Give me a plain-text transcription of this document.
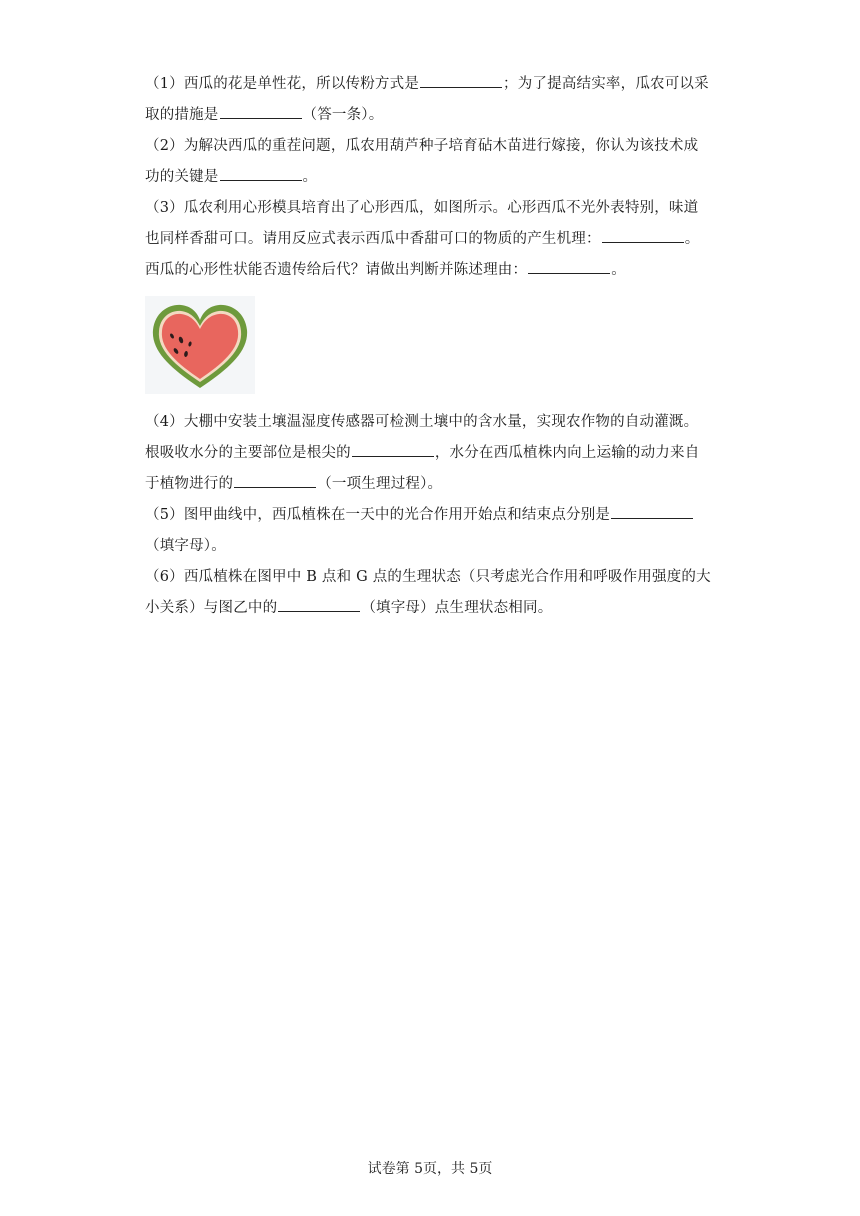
（1）西瓜的花是单性花，所以传粉方式是	；为了提高结实率，瓜农可以采
取的措施是	（答一条）。
（2）为解决西瓜的重茬问题，瓜农用葫芦种子培育砧木苗进行嫁接，你认为该技术成
功的关键是	。
（3）瓜农利用心形模具培育出了心形西瓜，如图所示。心形西瓜不光外表特别，味道
也同样香甜可口。请用反应式表示西瓜中香甜可口的物质的产生机理：	。
西瓜的心形性状能否遗传给后代？请做出判断并陈述理由：	。
（4）大棚中安装土壤温湿度传感器可检测土壤中的含水量，实现农作物的自动灌溉。
根吸收水分的主要部位是根尖的	，水分在西瓜植株内向上运输的动力来自
于植物进行的	（一项生理过程）。
（5）图甲曲线中，西瓜植株在一天中的光合作用开始点和结束点分别是
（填字母）。
（6）西瓜植株在图甲中 B 点和 G 点的生理状态（只考虑光合作用和呼吸作用强度的大
小关系）与图乙中的	（填字母）点生理状态相同。
试卷第 5页，共 5页
